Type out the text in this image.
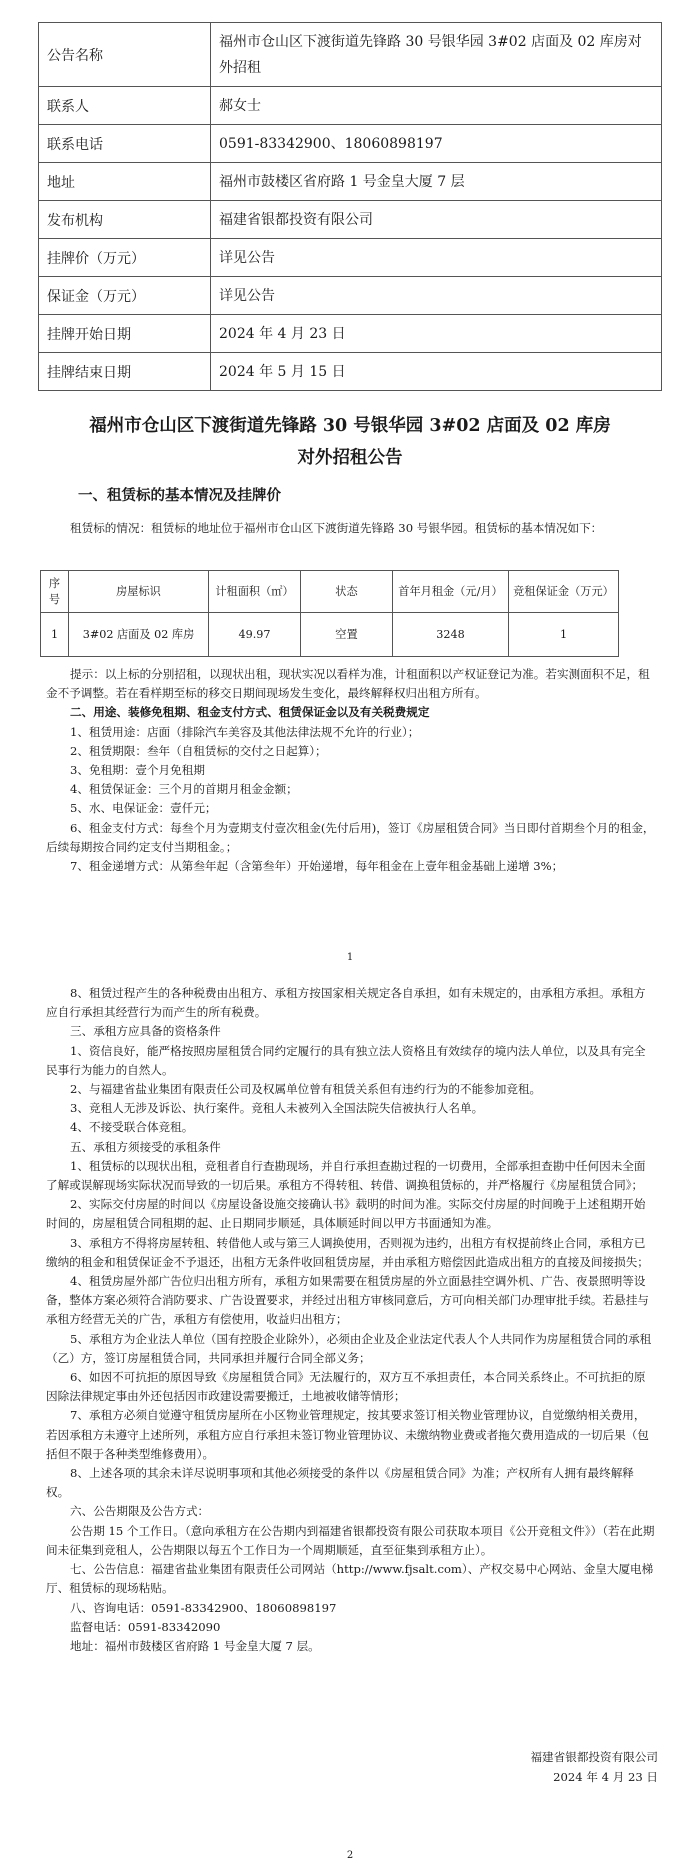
公告名称	福州市仓山区下渡街道先锋路 30 号银华园 3#02 店面及 02 库房对外招租
联系人	郝女士
联系电话	0591-83342900、18060898197
地址	福州市鼓楼区省府路 1 号金皇大厦 7 层
发布机构	福建省银都投资有限公司
挂牌价（万元）	详见公告
保证金（万元）	详见公告
挂牌开始日期	2024 年 4 月 23 日
挂牌结束日期	2024 年 5 月 15 日
福州市仓山区下渡街道先锋路 30 号银华园 3#02 店面及 02 库房
对外招租公告
一、租赁标的基本情况及挂牌价

租赁标的情况：租赁标的地址位于福州市仓山区下渡街道先锋路 30 号银华园。租赁标的基本情况如下：

序号	房屋标识	计租面积（㎡）	状态	首年月租金（元/月）	竞租保证金（万元）
1	3#02 店面及 02 库房	49.97	空置	3248	1

提示：以上标的分别招租，以现状出租，现状实况以看样为准，计租面积以产权证登记为准。若实测面积不足，租金不予调整。若在看样期至标的移交日期间现场发生变化，最终解释权归出租方所有。

二、用途、装修免租期、租金支付方式、租赁保证金以及有关税费规定

1、租赁用途：店面（排除汽车美容及其他法律法规不允许的行业）；

2、租赁期限：叁年（自租赁标的交付之日起算）；

3、免租期：壹个月免租期

4、租赁保证金：三个月的首期月租金金额；

5、水、电保证金：壹仟元；

6、租金支付方式：每叁个月为壹期支付壹次租金(先付后用)，签订《房屋租赁合同》当日即付首期叁个月的租金，后续每期按合同约定支付当期租金。；

7、租金递增方式：从第叁年起（含第叁年）开始递增，每年租金在上壹年租金基础上递增 3%；

1

8、租赁过程产生的各种税费由出租方、承租方按国家相关规定各自承担，如有未规定的，由承租方承担。承租方应自行承担其经营行为而产生的所有税费。

三、承租方应具备的资格条件

1、资信良好，能严格按照房屋租赁合同约定履行的具有独立法人资格且有效续存的境内法人单位，以及具有完全民事行为能力的自然人。

2、与福建省盐业集团有限责任公司及权属单位曾有租赁关系但有违约行为的不能参加竞租。

3、竞租人无涉及诉讼、执行案件。竞租人未被列入全国法院失信被执行人名单。

4、不接受联合体竞租。

五、承租方须接受的承租条件

1、租赁标的以现状出租，竞租者自行查勘现场，并自行承担查勘过程的一切费用，全部承担查勘中任何因未全面了解或误解现场实际状况而导致的一切后果。承租方不得转租、转借、调换租赁标的，并严格履行《房屋租赁合同》；

2、实际交付房屋的时间以《房屋设备设施交接确认书》载明的时间为准。实际交付房屋的时间晚于上述租期开始时间的，房屋租赁合同租期的起、止日期同步顺延，具体顺延时间以甲方书面通知为准。

3、承租方不得将房屋转租、转借他人或与第三人调换使用，否则视为违约，出租方有权提前终止合同，承租方已缴纳的租金和租赁保证金不予退还，出租方无条件收回租赁房屋，并由承租方赔偿因此造成出租方的直接及间接损失；

4、租赁房屋外部广告位归出租方所有，承租方如果需要在租赁房屋的外立面悬挂空调外机、广告、夜景照明等设备，整体方案必须符合消防要求、广告设置要求，并经过出租方审核同意后，方可向相关部门办理审批手续。若悬挂与承租方经营无关的广告，承租方有偿使用，收益归出租方；

5、承租方为企业法人单位（国有控股企业除外），必须由企业及企业法定代表人个人共同作为房屋租赁合同的承租（乙）方，签订房屋租赁合同，共同承担并履行合同全部义务；

6、如因不可抗拒的原因导致《房屋租赁合同》无法履行的，双方互不承担责任，本合同关系终止。不可抗拒的原因除法律规定事由外还包括因市政建设需要搬迁，土地被收储等情形；

7、承租方必须自觉遵守租赁房屋所在小区物业管理规定，按其要求签订相关物业管理协议，自觉缴纳相关费用，若因承租方未遵守上述所列，承租方应自行承担未签订物业管理协议、未缴纳物业费或者拖欠费用造成的一切后果（包括但不限于各种类型维修费用）。

8、上述各项的其余未详尽说明事项和其他必须接受的条件以《房屋租赁合同》为准；产权所有人拥有最终解释权。

六、公告期限及公告方式：

公告期 15 个工作日。（意向承租方在公告期内到福建省银都投资有限公司获取本项目《公开竞租文件》）（若在此期间未征集到竞租人，公告期限以每五个工作日为一个周期顺延，直至征集到承租方止）。

七、公告信息：福建省盐业集团有限责任公司网站（http://www.fjsalt.com）、产权交易中心网站、金皇大厦电梯厅、租赁标的现场粘贴。

八、咨询电话：0591-83342900、18060898197

监督电话：0591-83342090

地址：福州市鼓楼区省府路 1 号金皇大厦 7 层。

福建省银都投资有限公司
2024 年 4 月 23 日
2
